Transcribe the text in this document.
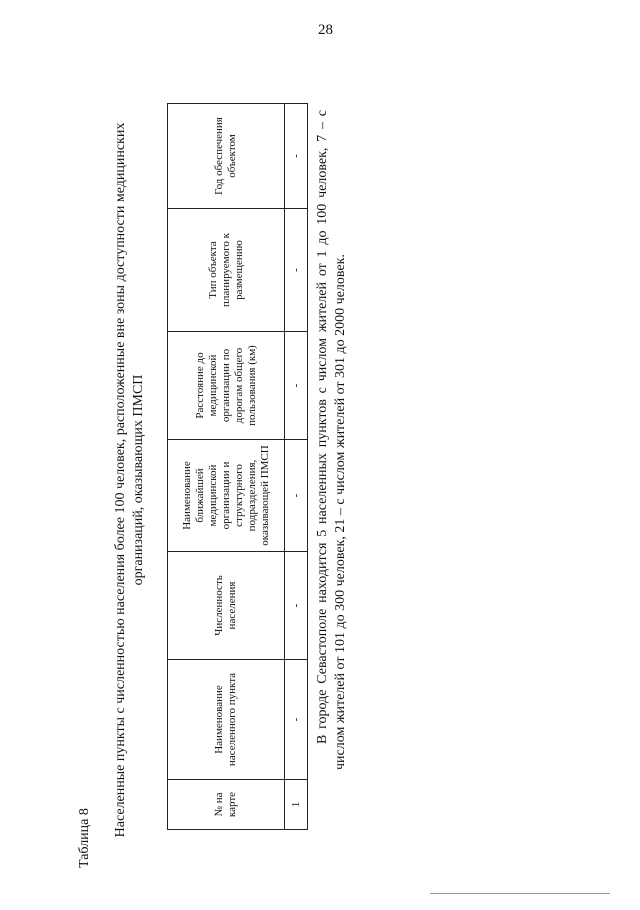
28
Таблица 8
Населенные пункты с численностью населения более 100 человек, расположенные вне зоны доступности медицинских организаций, оказывающих ПМСП
№ на карте	Наименование населенного пункта	Численность населения	Наименование ближайшей медицинской организации и структурного подразделения, оказывающей ПМСП	Расстояние до медицинской организации по дорогам общего пользования (км)	Тип объекта планируемого к размещению	Год обеспечения объектом
1	-	-	-	-	-	- В городе Севастополе находится 5 населенных пунктов с числом жителей от 1 до 100 человек, 7 – с числом жителей от 101 до 300 человек, 21 – с числом жителей от 301 до 2000 человек.
